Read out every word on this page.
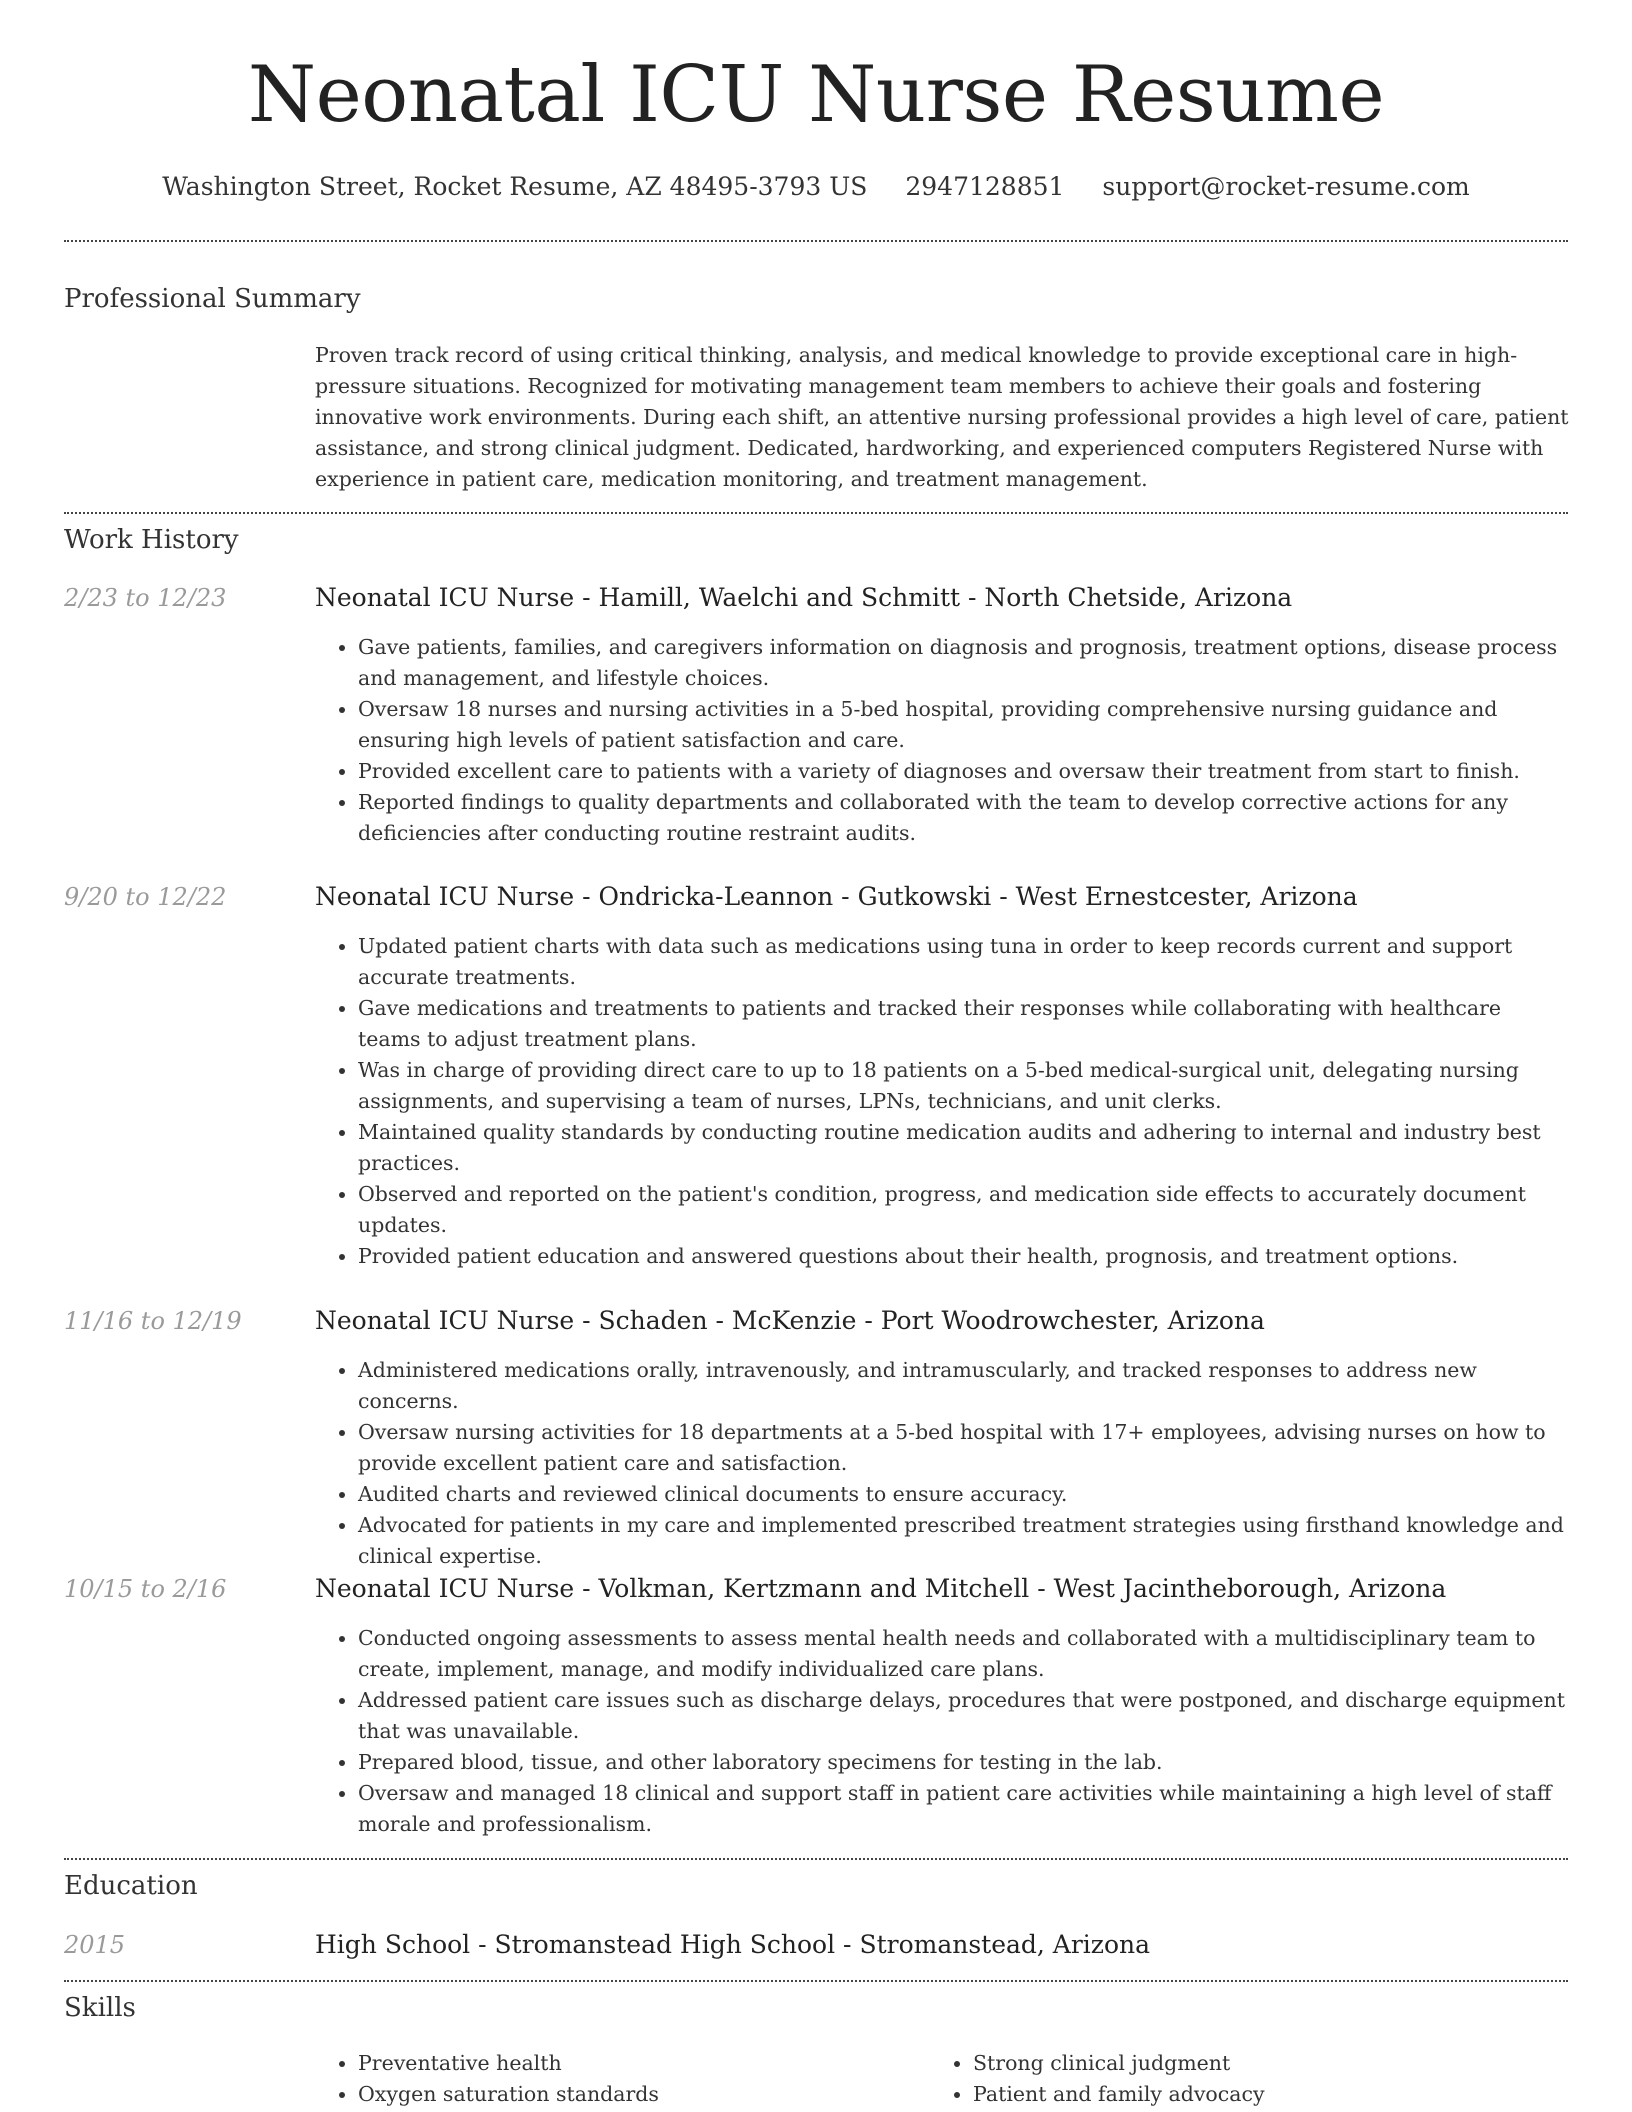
Neonatal ICU Nurse Resume
Washington Street, Rocket Resume, AZ 48495-3793 US 2947128851 support@rocket-resume.com
Professional Summary

Proven track record of using critical thinking, analysis, and medical knowledge to provide exceptional care in high-pressure situations. Recognized for motivating management team members to achieve their goals and fostering innovative work environments. During each shift, an attentive nursing professional provides a high level of care, patient assistance, and strong clinical judgment. Dedicated, hardworking, and experienced computers Registered Nurse with experience in patient care, medication monitoring, and treatment management.

Work History
2/23 to 12/23	Neonatal ICU Nurse - Hamill, Waelchi and Schmitt - North Chetside, Arizona
• Gave patients, families, and caregivers information on diagnosis and prognosis, treatment options, disease process and management, and lifestyle choices.
• Oversaw 18 nurses and nursing activities in a 5-bed hospital, providing comprehensive nursing guidance and ensuring high levels of patient satisfaction and care.
• Provided excellent care to patients with a variety of diagnoses and oversaw their treatment from start to finish.
• Reported findings to quality departments and collaborated with the team to develop corrective actions for any deficiencies after conducting routine restraint audits.
9/20 to 12/22	Neonatal ICU Nurse - Ondricka-Leannon - Gutkowski - West Ernestcester, Arizona
• Updated patient charts with data such as medications using tuna in order to keep records current and support accurate treatments.
• Gave medications and treatments to patients and tracked their responses while collaborating with healthcare teams to adjust treatment plans.
• Was in charge of providing direct care to up to 18 patients on a 5-bed medical-surgical unit, delegating nursing assignments, and supervising a team of nurses, LPNs, technicians, and unit clerks.
• Maintained quality standards by conducting routine medication audits and adhering to internal and industry best practices.
• Observed and reported on the patient's condition, progress, and medication side effects to accurately document updates.
• Provided patient education and answered questions about their health, prognosis, and treatment options.
11/16 to 12/19	Neonatal ICU Nurse - Schaden - McKenzie - Port Woodrowchester, Arizona
• Administered medications orally, intravenously, and intramuscularly, and tracked responses to address new concerns.
• Oversaw nursing activities for 18 departments at a 5-bed hospital with 17+ employees, advising nurses on how to provide excellent patient care and satisfaction.
• Audited charts and reviewed clinical documents to ensure accuracy.
• Advocated for patients in my care and implemented prescribed treatment strategies using firsthand knowledge and clinical expertise.
10/15 to 2/16	Neonatal ICU Nurse - Volkman, Kertzmann and Mitchell - West Jacintheborough, Arizona
• Conducted ongoing assessments to assess mental health needs and collaborated with a multidisciplinary team to create, implement, manage, and modify individualized care plans.
• Addressed patient care issues such as discharge delays, procedures that were postponed, and discharge equipment that was unavailable.
• Prepared blood, tissue, and other laboratory specimens for testing in the lab.
• Oversaw and managed 18 clinical and support staff in patient care activities while maintaining a high level of staff morale and professionalism.
Education
2015	High School - Stromanstead High School - Stromanstead, Arizona
Skills
• Preventative health
• Oxygen saturation standards
• Strong clinical judgment
• Patient and family advocacy
